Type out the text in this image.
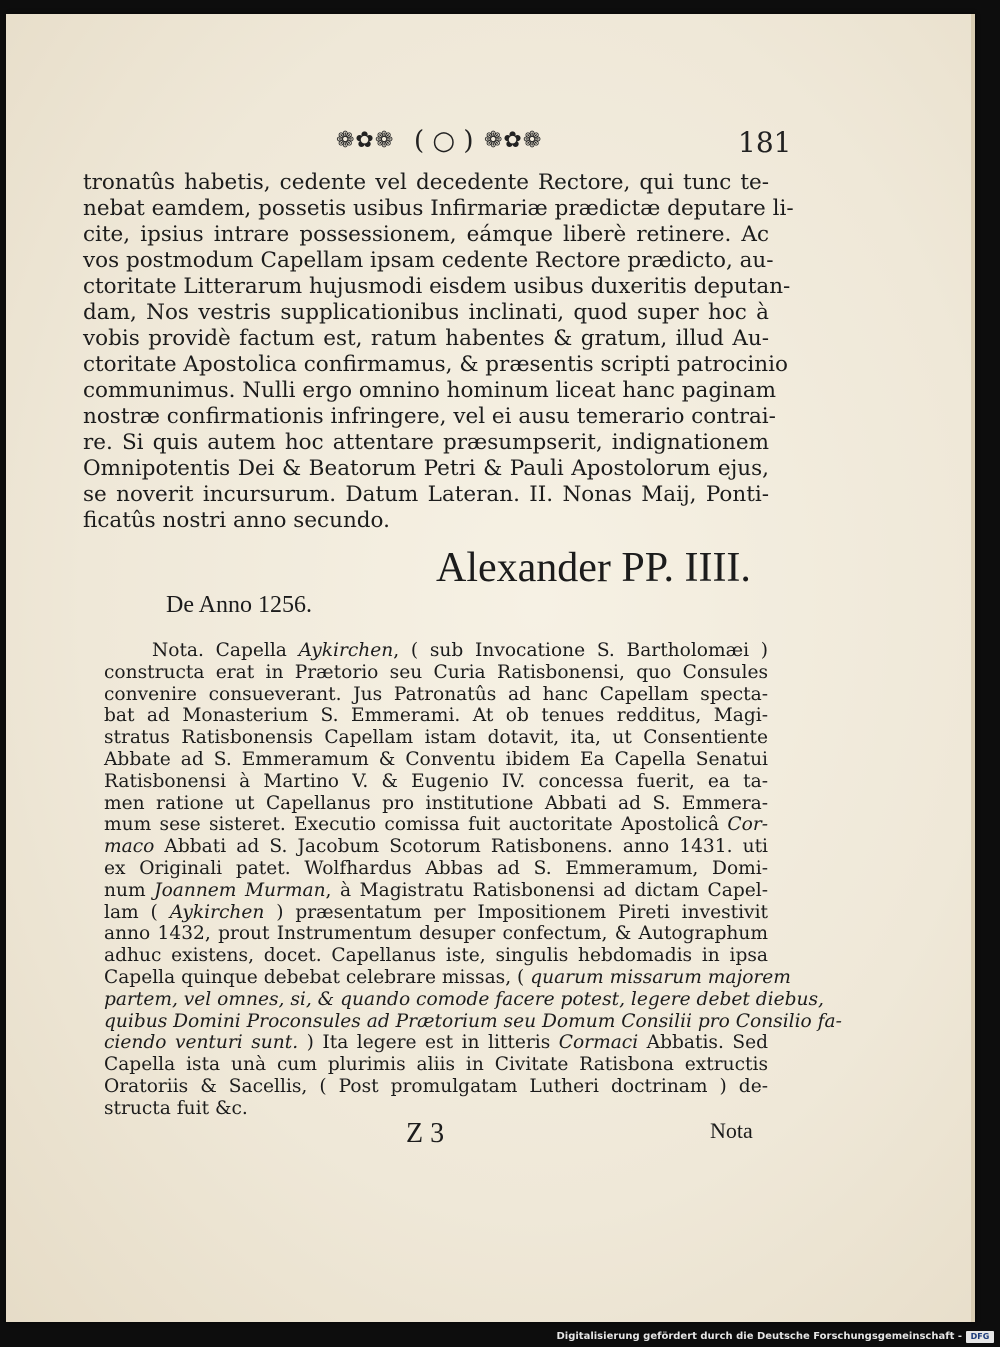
❁✿❁ ( ○ ) ❁✿❁	181

tronatûs habetis, cedente vel decedente Rectore, qui tunc te-
nebat eamdem, possetis usibus Infirmariæ prædictæ deputare li-
cite, ipsius intrare possessionem, eámque liberè retinere. Ac
vos postmodum Capellam ipsam cedente Rectore prædicto, au-
ctoritate Litterarum hujusmodi eisdem usibus duxeritis deputan-
dam, Nos vestris supplicationibus inclinati, quod super hoc à
vobis providè factum est, ratum habentes & gratum, illud Au-
ctoritate Apostolica confirmamus, & præsentis scripti patrocinio
communimus. Nulli ergo omnino hominum liceat hanc paginam
nostræ confirmationis infringere, vel ei ausu temerario contrai-
re. Si quis autem hoc attentare præsumpserit, indignationem
Omnipotentis Dei & Beatorum Petri & Pauli Apostolorum ejus,
se noverit incursurum. Datum Lateran. II. Nonas Maij, Ponti-
ficatûs nostri anno secundo.

Alexander PP. IIII.
De Anno 1256.

Nota. Capella Aykirchen, ( sub Invocatione S. Bartholomæi )
constructa erat in Prætorio seu Curia Ratisbonensi, quo Consules
convenire consueverant. Jus Patronatûs ad hanc Capellam specta-
bat ad Monasterium S. Emmerami. At ob tenues redditus, Magi-
stratus Ratisbonensis Capellam istam dotavit, ita, ut Consentiente
Abbate ad S. Emmeramum & Conventu ibidem Ea Capella Senatui
Ratisbonensi à Martino V. & Eugenio IV. concessa fuerit, ea ta-
men ratione ut Capellanus pro institutione Abbati ad S. Emmera-
mum sese sisteret. Executio comissa fuit auctoritate Apostolicâ Cor-
maco Abbati ad S. Jacobum Scotorum Ratisbonens. anno 1431. uti
ex Originali patet. Wolfhardus Abbas ad S. Emmeramum, Domi-
num Joannem Murman, à Magistratu Ratisbonensi ad dictam Capel-
lam ( Aykirchen ) præsentatum per Impositionem Pireti investivit
anno 1432, prout Instrumentum desuper confectum, & Autographum
adhuc existens, docet. Capellanus iste, singulis hebdomadis in ipsa
Capella quinque debebat celebrare missas, ( quarum missarum majorem
partem, vel omnes, si, & quando comode facere potest, legere debet diebus,
quibus Domini Proconsules ad Prætorium seu Domum Consilii pro Consilio fa-
ciendo venturi sunt. ) Ita legere est in litteris Cormaci Abbatis. Sed
Capella ista unà cum plurimis aliis in Civitate Ratisbona extructis
Oratoriis & Sacellis, ( Post promulgatam Lutheri doctrinam ) de-
structa fuit &c.

Z 3	Nota
Digitalisierung gefördert durch die Deutsche Forschungsgemeinschaft -	DFG
